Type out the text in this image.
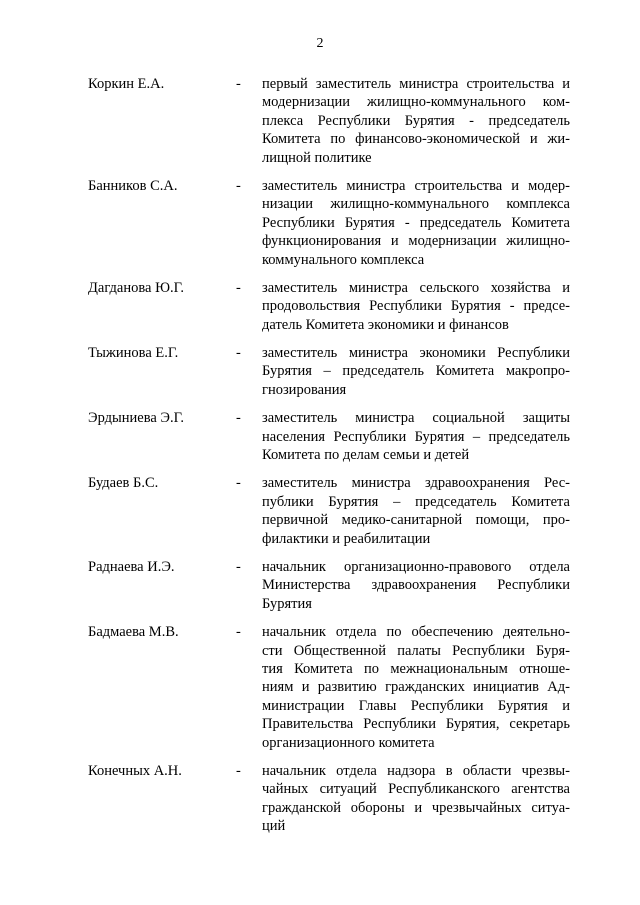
2
Коркин Е.А.	-	первый заместитель министра строительства и
модернизации жилищно-коммунального ком-
плекса Республики Бурятия - председатель
Комитета по финансово-экономической и жи-
лищной политике
Банников С.А.	-	заместитель министра строительства и модер-
низации жилищно-коммунального комплекса
Республики Бурятия - председатель Комитета
функционирования и модернизации жилищно-
коммунального комплекса
Дагданова Ю.Г.	-	заместитель министра сельского хозяйства и
продовольствия Республики Бурятия - предсе-
датель Комитета экономики и финансов
Тыжинова Е.Г.	-	заместитель министра экономики Республики
Бурятия – председатель Комитета макропро-
гнозирования
Эрдыниева Э.Г.	-	заместитель министра социальной защиты
населения Республики Бурятия – председатель
Комитета по делам семьи и детей
Будаев Б.С.	-	заместитель министра здравоохранения Рес-
публики Бурятия – председатель Комитета
первичной медико-санитарной помощи, про-
филактики и реабилитации
Раднаева И.Э.	-	начальник организационно-правового отдела
Министерства здравоохранения Республики
Бурятия
Бадмаева М.В.	-	начальник отдела по обеспечению деятельно-
сти Общественной палаты Республики Буря-
тия Комитета по межнациональным отноше-
ниям и развитию гражданских инициатив Ад-
министрации Главы Республики Бурятия и
Правительства Республики Бурятия, секретарь
организационного комитета
Конечных А.Н.	-	начальник отдела надзора в области чрезвы-
чайных ситуаций Республиканского агентства
гражданской обороны и чрезвычайных ситуа-
ций
